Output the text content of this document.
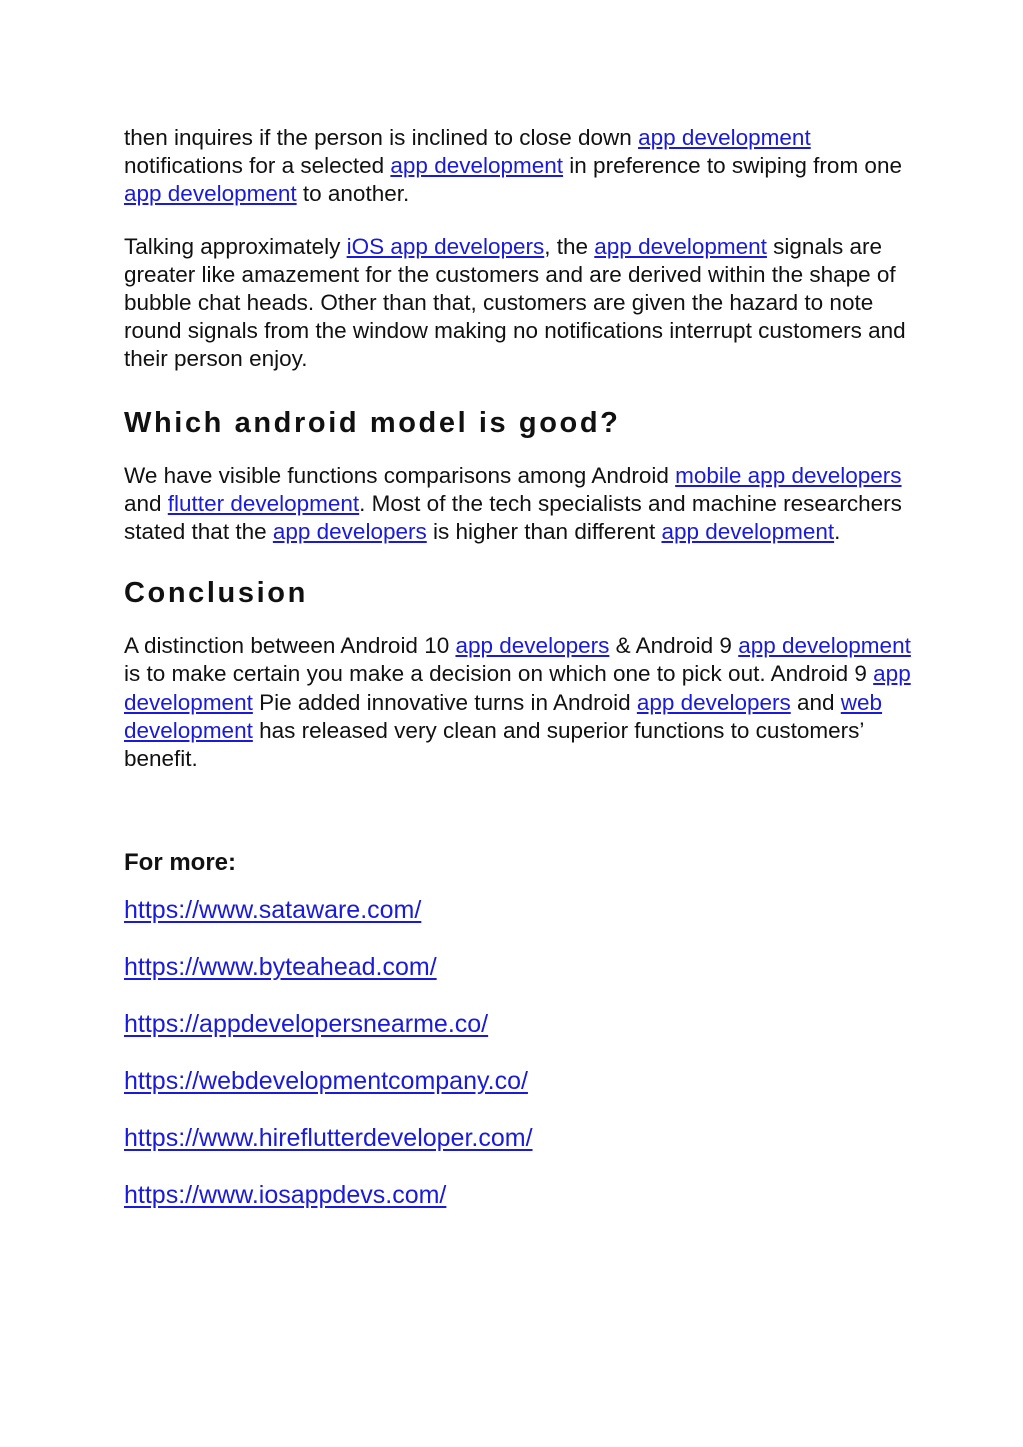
then inquires if the person is inclined to close down app development notifications for a selected app development in preference to swiping from one app development to another.

Talking approximately iOS app developers, the app development signals are greater like amazement for the customers and are derived within the shape of bubble chat heads. Other than that, customers are given the hazard to note round signals from the window making no notifications interrupt customers and their person enjoy.

Which android model is good?

We have visible functions comparisons among Android mobile app developers and flutter development. Most of the tech specialists and machine researchers stated that the app developers is higher than different app development.

Conclusion

A distinction between Android 10 app developers & Android 9 app development is to make certain you make a decision on which one to pick out. Android 9 app development Pie added innovative turns in Android app developers and web development has released very clean and superior functions to customers’ benefit.

For more:
https://www.sataware.com/
https://www.byteahead.com/
https://appdevelopersnearme.co/
https://webdevelopmentcompany.co/
https://www.hireflutterdeveloper.com/
https://www.iosappdevs.com/
